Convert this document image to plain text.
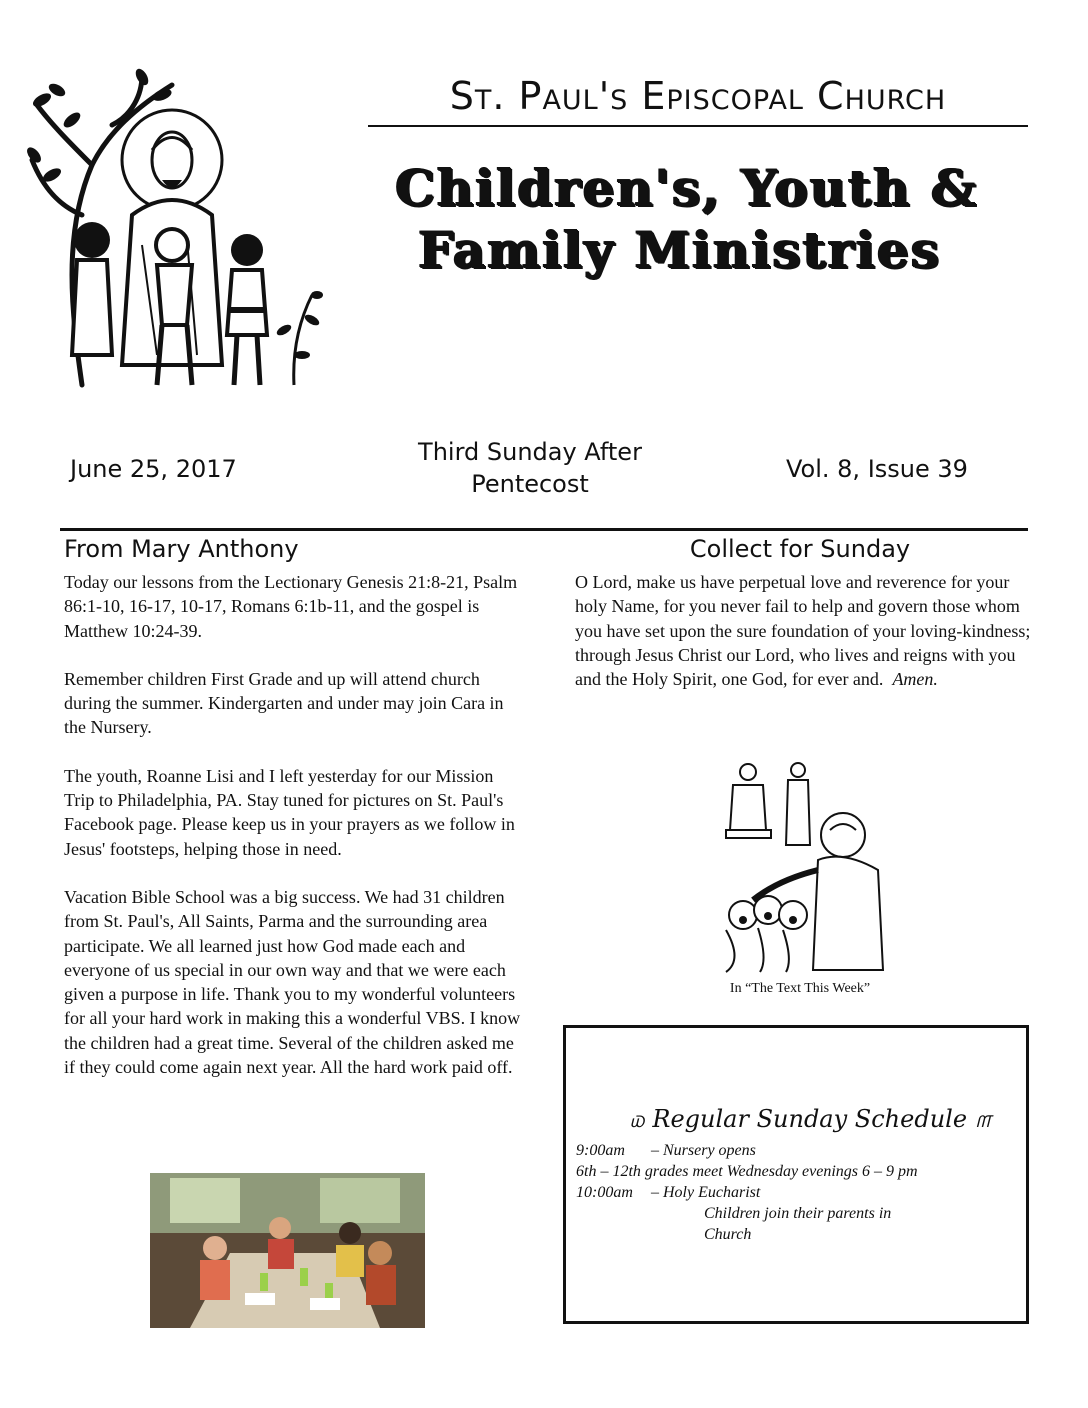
St. Paul's Episcopal Church
Children's, Youth &
Family Ministries
June 25, 2017
Third Sunday After
Pentecost
Vol. 8, Issue 39
From Mary Anthony

Today our lessons from the Lectionary Genesis 21:8-21, Psalm 86:1-10, 16-17, 10-17, Romans 6:1b-11, and the gospel is Matthew 10:24-39.

Remember children First Grade and up will attend church during the summer. Kindergarten and under may join Cara in the Nursery.

The youth, Roanne Lisi and I left yesterday for our Mission Trip to Philadelphia, PA. Stay tuned for pictures on St. Paul's Facebook page. Please keep us in your prayers as we follow in Jesus' footsteps, helping those in need.

Vacation Bible School was a big success. We had 31 children from St. Paul's, All Saints, Parma and the surrounding area participate. We all learned just how God made each and everyone of us special in our own way and that we were each given a purpose in life. Thank you to my wonderful volunteers for all your hard work in making this a wonderful VBS. I know the children had a great time. Several of the children asked me if they could come again next year. All the hard work paid off.

Collect for Sunday

O Lord, make us have perpetual love and reverence for your holy Name, for you never fail to help and govern those whom you have set upon the sure foundation of your loving-kindness; through Jesus Christ our Lord, who lives and reigns with you and the Holy Spirit, one God, for ever and. Amen.

In “The Text This Week”
௰ Regular Sunday Schedule ௱
9:00am – Nursery opens
6th – 12th grades meet Wednesday evenings 6 – 9 pm
10:00am – Holy Eucharist
Children join their parents in
Church
